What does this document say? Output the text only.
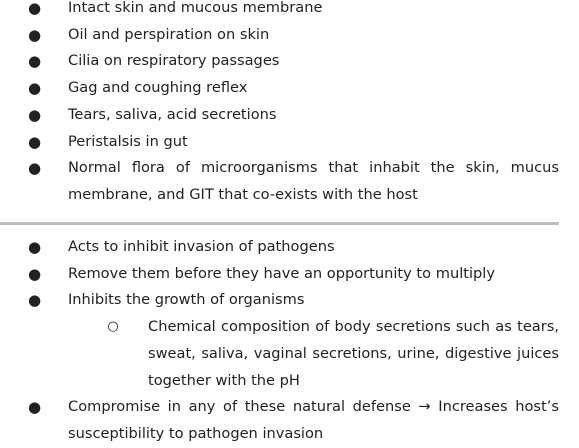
● Intact skin and mucous membrane
● Oil and perspiration on skin
● Cilia on respiratory passages
● Gag and coughing reflex
● Tears, saliva, acid secretions
● Peristalsis in gut
● Normal flora of microorganisms that inhabit the skin, mucus membrane, and GIT that co-exists with the host
● Acts to inhibit invasion of pathogens
● Remove them before they have an opportunity to multiply
● Inhibits the growth of organisms
○ Chemical composition of body secretions such as tears, sweat, saliva, vaginal secretions, urine, digestive juices together with the pH
● Compromise in any of these natural defense → Increases host’s susceptibility to pathogen invasion
